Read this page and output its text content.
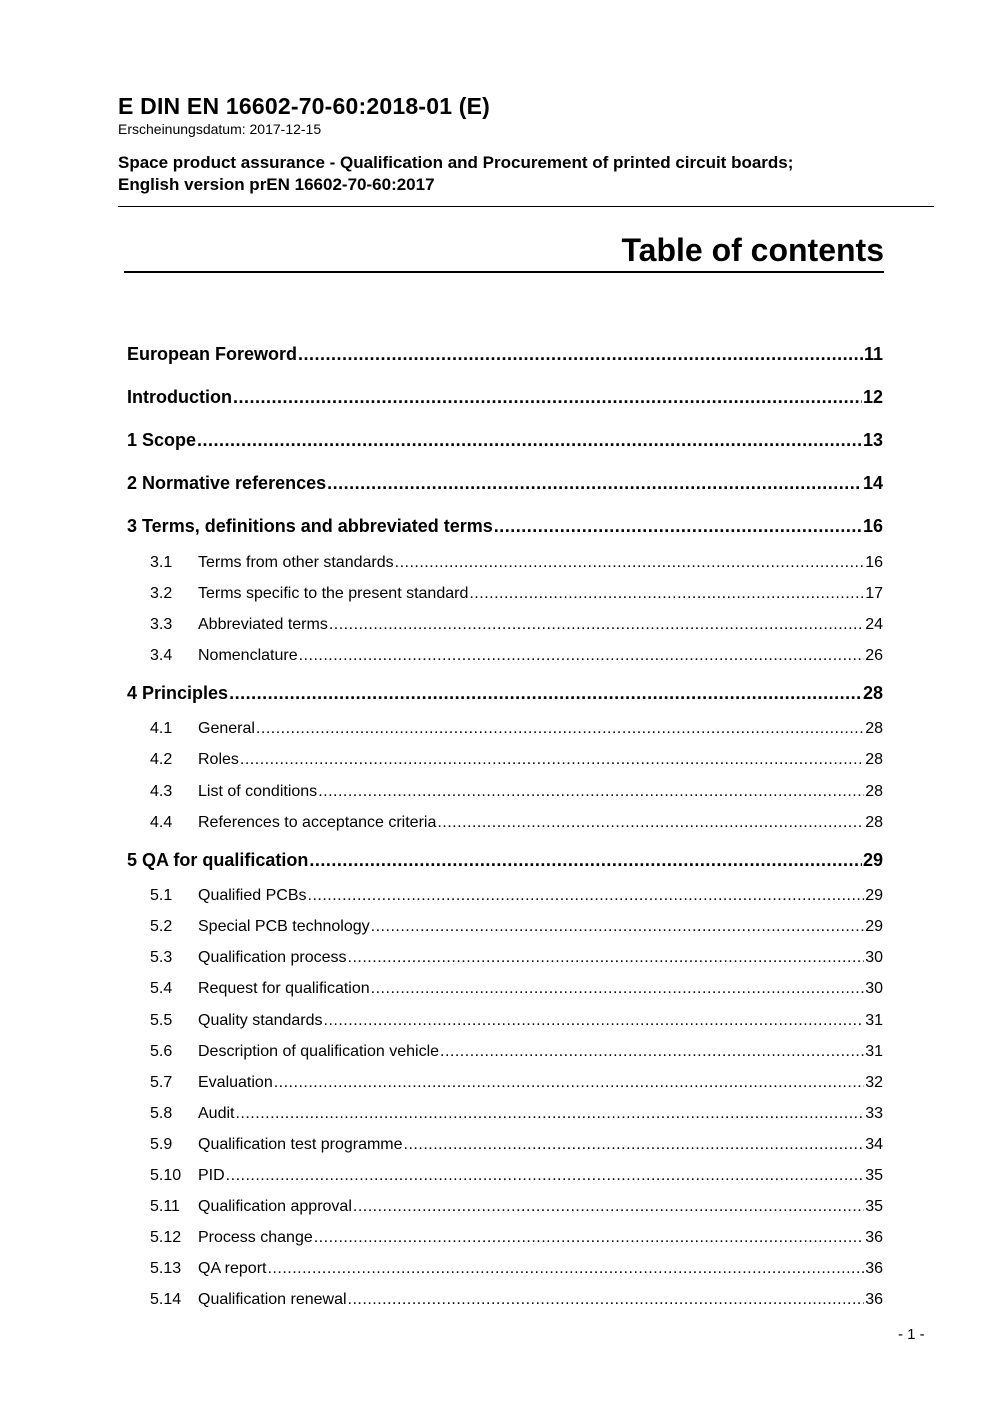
E DIN EN 16602-70-60:2018-01 (E)
Erscheinungsdatum: 2017-12-15
Space product assurance - Qualification and Procurement of printed circuit boards;
English version prEN 16602-70-60:2017
Table of contents
European Foreword .....	11
Introduction .....	12
1 Scope .....	13
2 Normative references .....	14
3 Terms, definitions and abbreviated terms .....	16
3.1	Terms from other standards .....	16
3.2	Terms specific to the present standard .....	17
3.3	Abbreviated terms .....	24
3.4	Nomenclature .....	26
4 Principles .....	28
4.1	General .....	28
4.2	Roles .....	28
4.3	List of conditions .....	28
4.4	References to acceptance criteria .....	28
5 QA for qualification .....	29
5.1	Qualified PCBs .....	29
5.2	Special PCB technology .....	29
5.3	Qualification process .....	30
5.4	Request for qualification .....	30
5.5	Quality standards .....	31
5.6	Description of qualification vehicle .....	31
5.7	Evaluation .....	32
5.8	Audit .....	33
5.9	Qualification test programme .....	34
5.10	PID .....	35
5.11	Qualification approval .....	35
5.12	Process change .....	36
5.13	QA report .....	36
5.14	Qualification renewal .....	36
- 1 -
